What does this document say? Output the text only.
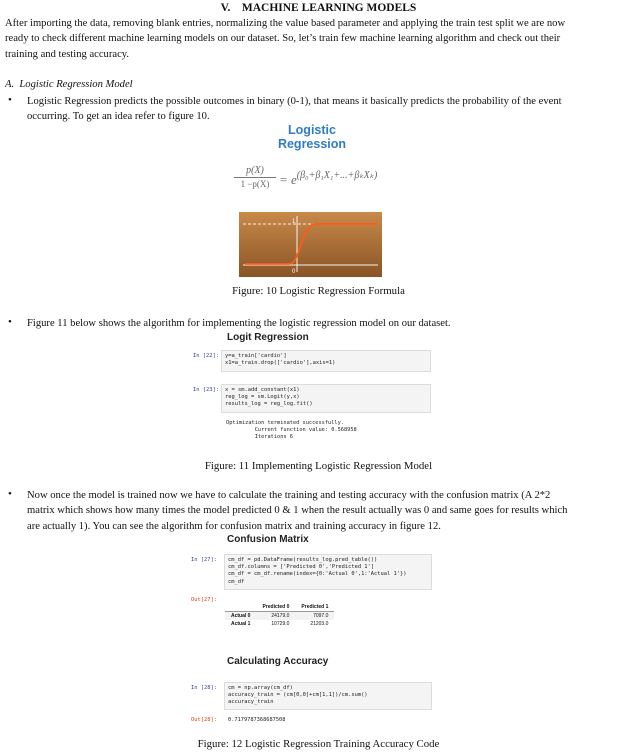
V.    MACHINE LEARNING MODELS
After importing the data, removing blank entries, normalizing the value based parameter and applying the train test split we are now
ready to check different machine learning models on our dataset. So, let’s train few machine learning algorithm and check out their
training and testing accuracy.
A.  Logistic Regression Model
• Logistic Regression predicts the possible outcomes in binary (0-1), that means it basically predicts the probability of the event
occurring. To get an idea refer to figure 10.
Logistic
Regression
p(X)
$1 -p(X) = e^{(\beta_0+\beta_1X_1+...+\beta_kX_k)}$
1
0
Figure: 10 Logistic Regression Formula
• Figure 11 below shows the algorithm for implementing the logistic regression model on our dataset.
Logit Regression
In [22]:	y=a_train['cardio']
x1=a_train.drop(['cardio'],axis=1)
In [23]:	x = sm.add_constant(x1)
reg_log = sm.Logit(y,x)
results_log = reg_log.fit()
Optimization terminated successfully.
Current function value: 0.568958
Iterations 6
Figure: 11 Implementing Logistic Regression Model
• Now once the model is trained now we have to calculate the training and testing accuracy with the confusion matrix (A 2*2
matrix which shows how many times the model predicted 0 & 1 when the result actually was 0 and same goes for results which
are actually 1). You can see the algorithm for confusion matrix and training accuracy in figure 12.
Confusion Matrix
In [27]:	cm_df = pd.DataFrame(results_log.pred_table())
cm_df.columns = ['Predicted 0','Predicted 1']
cm_df = cm_df.rename(index={0:'Actual 0',1:'Actual 1'})
cm_df
Out[27]:
	Predicted 0	Predicted 1
Actual 0	24179.0	7097.0
Actual 1	10729.0	21203.0
Calculating Accuracy
In [28]:	cm = np.array(cm_df)
accuracy_train = (cm[0,0]+cm[1,1])/cm.sum()
accuracy_train
Out[28]: 0.7179787368687508
Figure: 12 Logistic Regression Training Accuracy Code
